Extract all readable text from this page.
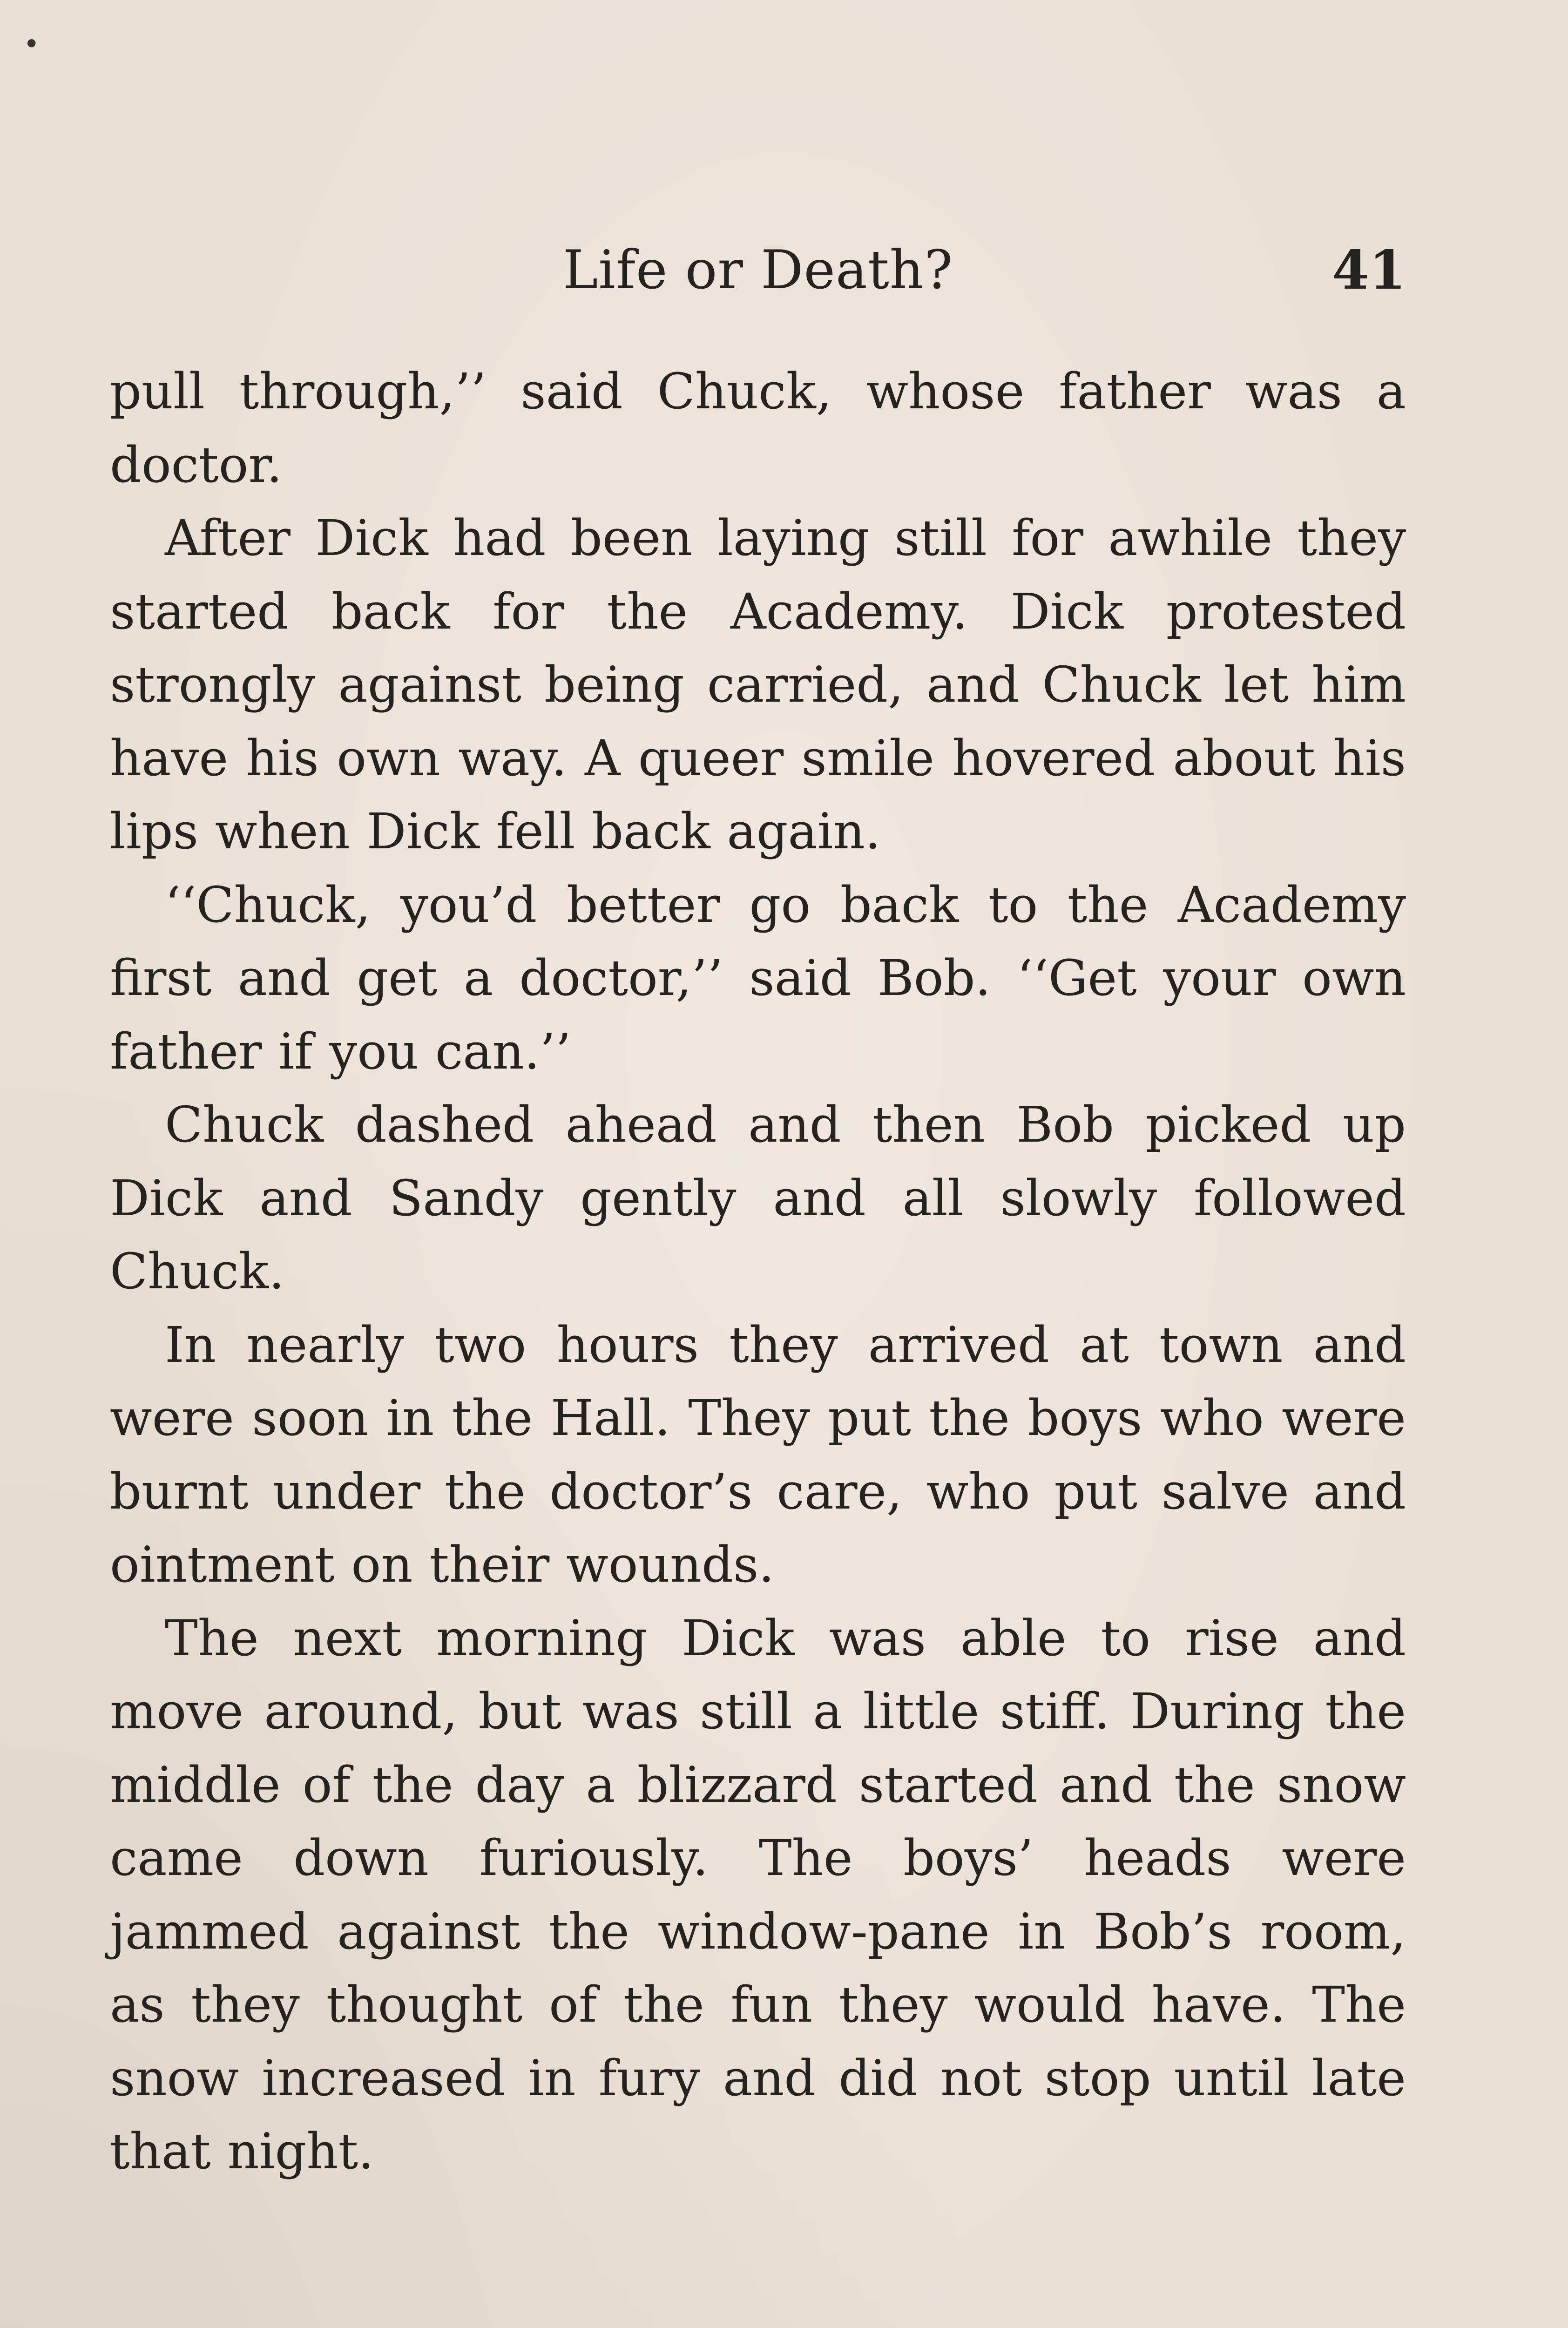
•
Life or Death?	41

pull through,’’ said Chuck, whose father was a doctor.

After Dick had been laying still for awhile they started back for the Academy. Dick protested strongly against being carried, and Chuck let him have his own way. A queer smile hovered about his lips when Dick fell back again.

‘‘Chuck, you’d better go back to the Academy first and get a doctor,’’ said Bob. ‘‘Get your own father if you can.’’

Chuck dashed ahead and then Bob picked up Dick and Sandy gently and all slowly followed Chuck.

In nearly two hours they arrived at town and were soon in the Hall. They put the boys who were burnt under the doctor’s care, who put salve and ointment on their wounds.

The next morning Dick was able to rise and move around, but was still a little stiff. During the middle of the day a blizzard started and the snow came down furiously. The boys’ heads were jammed against the window-pane in Bob’s room, as they thought of the fun they would have. The snow increased in fury and did not stop until late that night.
